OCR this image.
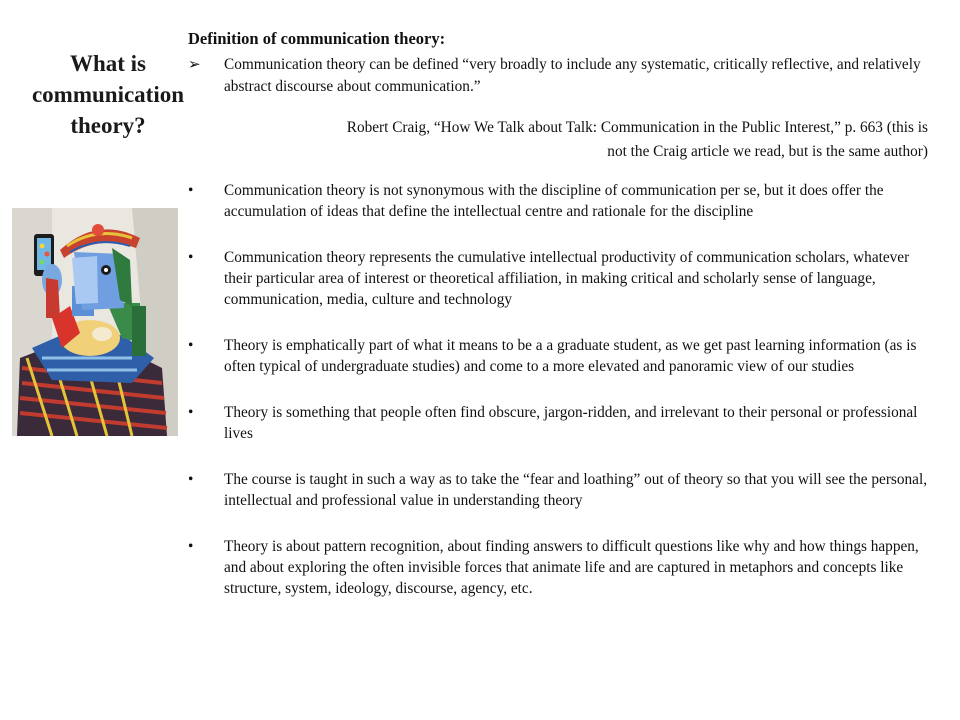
What is
communication
theory?
Definition of communication theory:
➢ Communication theory can be defined “very broadly to include any systematic, critically reflective, and relatively abstract discourse about communication.”
Robert Craig, “How We Talk about Talk: Communication in the Public Interest,” p. 663 (this is
not the Craig article we read, but is the same author)
• Communication theory is not synonymous with the discipline of communication per se, but it does offer the accumulation of ideas that define the intellectual centre and rationale for the discipline
• Communication theory represents the cumulative intellectual productivity of communication scholars, whatever their particular area of interest or theoretical affiliation, in making critical and scholarly sense of language, communication, media, culture and technology
• Theory is emphatically part of what it means to be a a graduate student, as we get past learning information (as is often typical of undergraduate studies) and come to a more elevated and panoramic view of our studies
• Theory is something that people often find obscure, jargon-ridden, and irrelevant to their personal or professional lives
• The course is taught in such a way as to take the “fear and loathing” out of theory so that you will see the personal, intellectual and professional value in understanding theory
• Theory is about pattern recognition, about finding answers to difficult questions like why and how things happen, and about exploring the often invisible forces that animate life and are captured in metaphors and concepts like structure, system, ideology, discourse, agency, etc.
